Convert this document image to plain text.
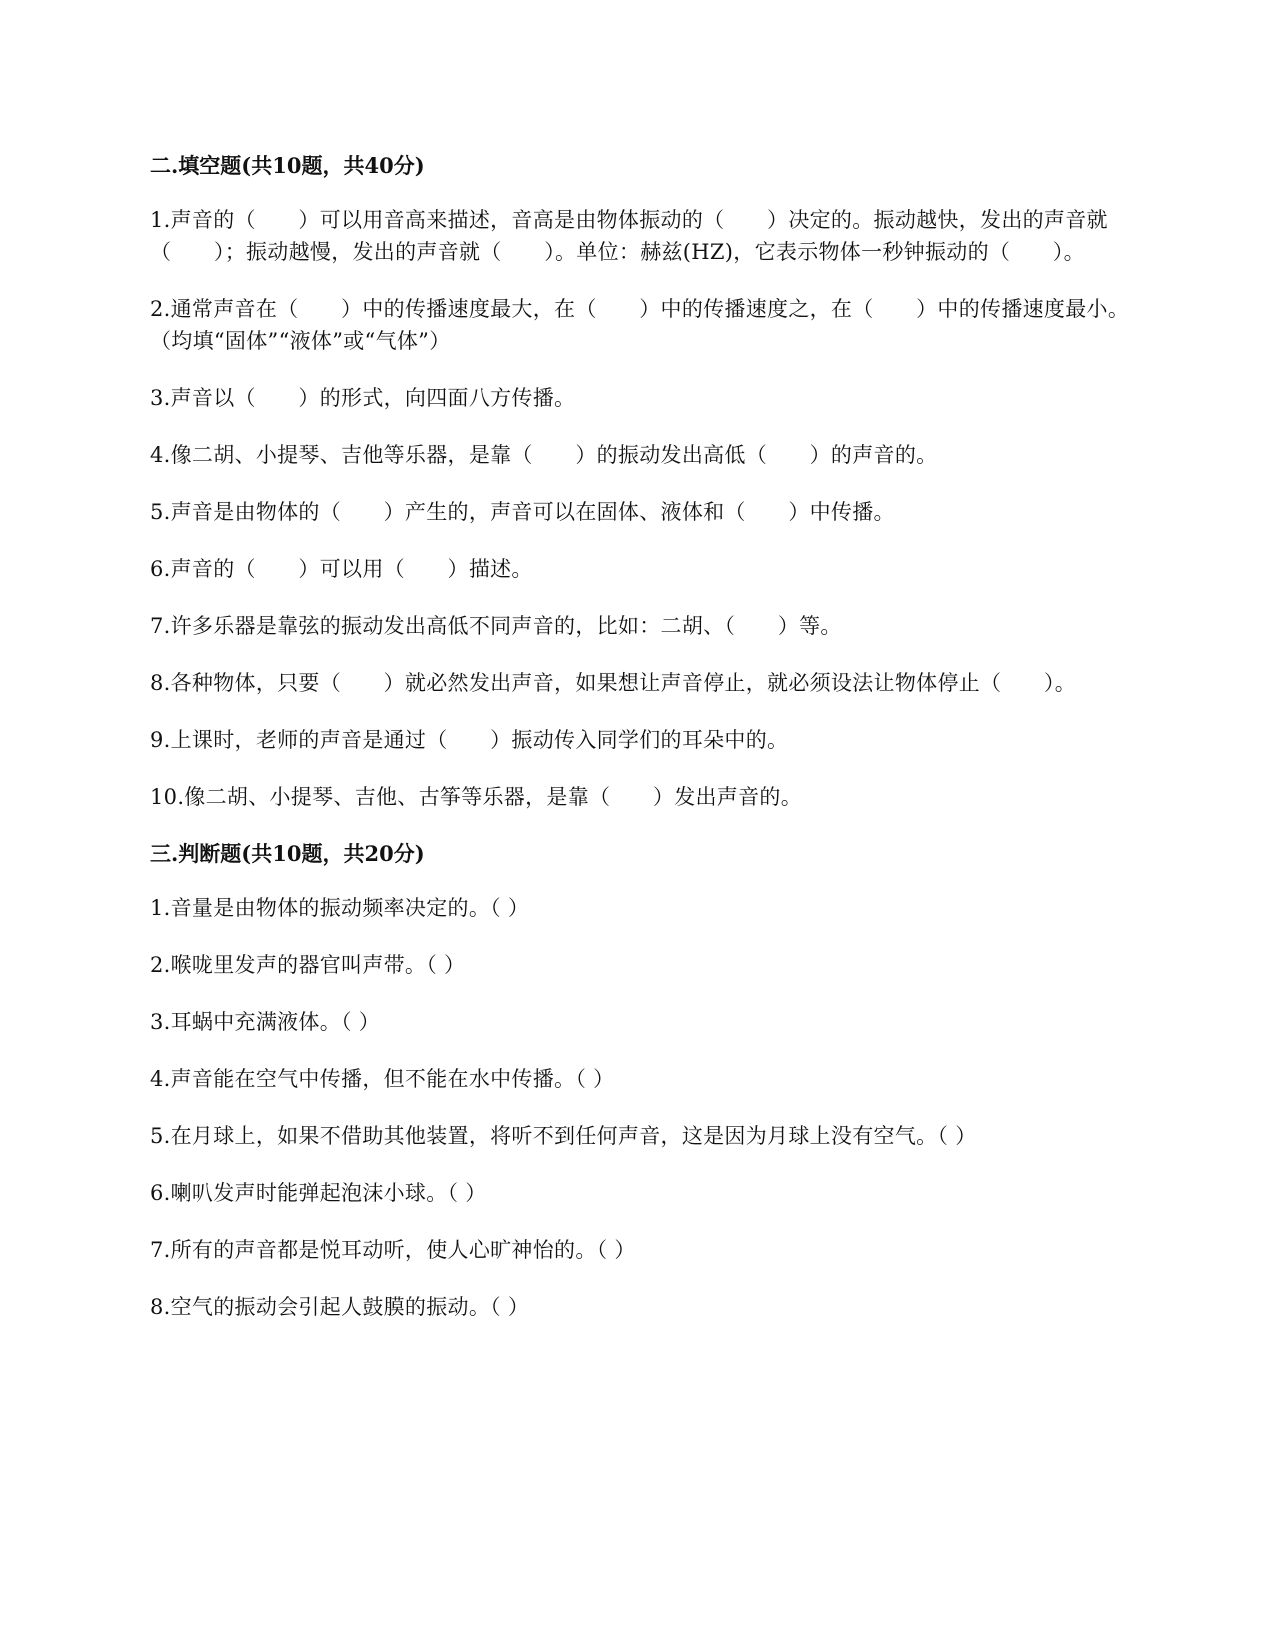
二.填空题(共10题，共40分)
1.声音的（　　）可以用音高来描述，音高是由物体振动的（　　）决定的。振动越快，发出的声音就（　　）；振动越慢，发出的声音就（　　）。单位：赫兹(HZ)，它表示物体一秒钟振动的（　　）。
2.通常声音在（　　）中的传播速度最大，在（　　）中的传播速度之，在（　　）中的传播速度最小。（均填“固体”“液体”或“气体”）
3.声音以（　　）的形式，向四面八方传播。
4.像二胡、小提琴、吉他等乐器，是靠（　　）的振动发出高低（　　）的声音的。
5.声音是由物体的（　　）产生的，声音可以在固体、液体和（　　）中传播。
6.声音的（　　）可以用（　　）描述。
7.许多乐器是靠弦的振动发出高低不同声音的，比如：二胡、（　　）等。
8.各种物体，只要（　　）就必然发出声音，如果想让声音停止，就必须设法让物体停止（　　）。
9.上课时，老师的声音是通过（　　）振动传入同学们的耳朵中的。
10.像二胡、小提琴、吉他、古筝等乐器，是靠（　　）发出声音的。
三.判断题(共10题，共20分)
1.音量是由物体的振动频率决定的。（ ）
2.喉咙里发声的器官叫声带。（ ）
3.耳蜗中充满液体。（ ）
4.声音能在空气中传播，但不能在水中传播。（ ）
5.在月球上，如果不借助其他装置，将听不到任何声音，这是因为月球上没有空气。（ ）
6.喇叭发声时能弹起泡沫小球。（ ）
7.所有的声音都是悦耳动听，使人心旷神怡的。（ ）
8.空气的振动会引起人鼓膜的振动。（ ）
